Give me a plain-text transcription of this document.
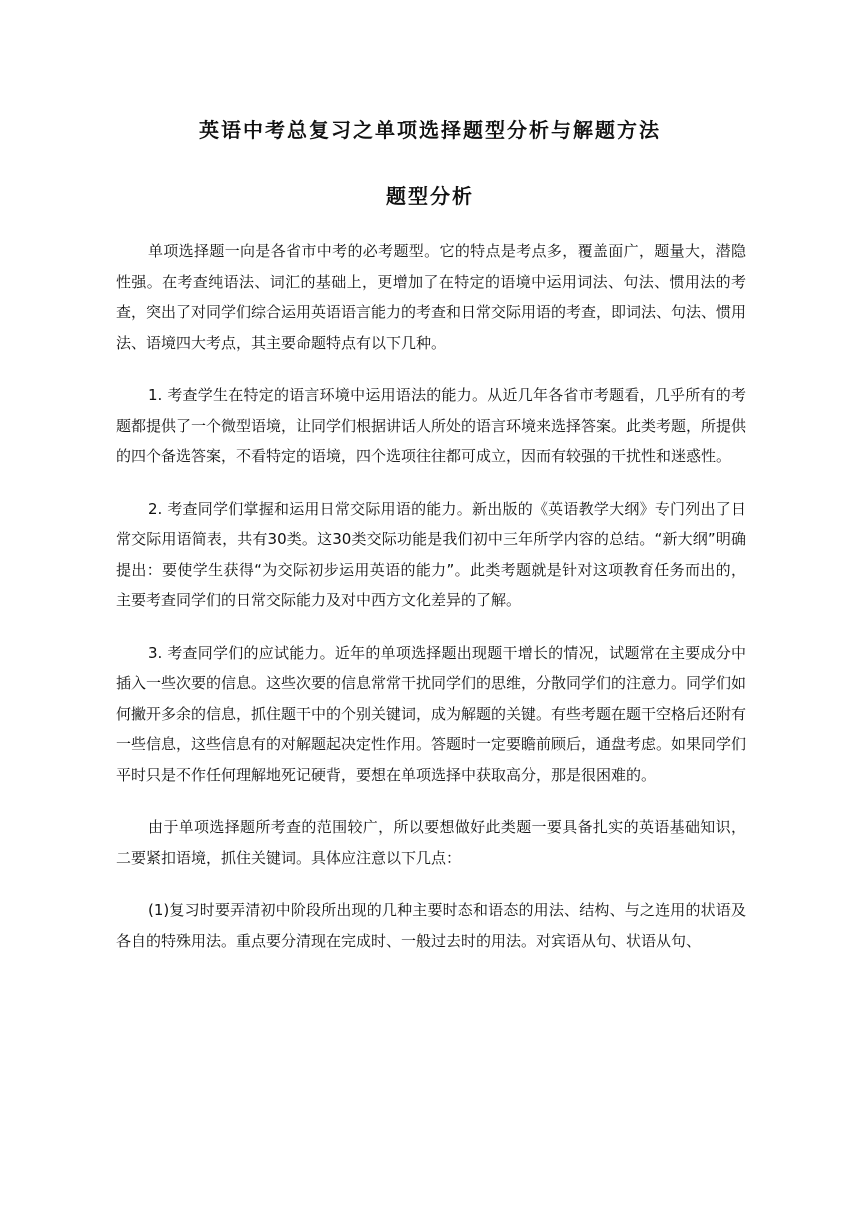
英语中考总复习之单项选择题型分析与解题方法
题型分析

单项选择题一向是各省市中考的必考题型。它的特点是考点多，覆盖面广，题量大，潜隐性强。在考查纯语法、词汇的基础上，更增加了在特定的语境中运用词法、句法、惯用法的考查，突出了对同学们综合运用英语语言能力的考查和日常交际用语的考查，即词法、句法、惯用法、语境四大考点，其主要命题特点有以下几种。

1. 考查学生在特定的语言环境中运用语法的能力。从近几年各省市考题看，几乎所有的考题都提供了一个微型语境，让同学们根据讲话人所处的语言环境来选择答案。此类考题，所提供的四个备选答案，不看特定的语境，四个选项往往都可成立，因而有较强的干扰性和迷惑性。

2. 考查同学们掌握和运用日常交际用语的能力。新出版的《英语教学大纲》专门列出了日常交际用语简表，共有30类。这30类交际功能是我们初中三年所学内容的总结。“新大纲”明确提出：要使学生获得“为交际初步运用英语的能力”。此类考题就是针对这项教育任务而出的，主要考查同学们的日常交际能力及对中西方文化差异的了解。

3. 考查同学们的应试能力。近年的单项选择题出现题干增长的情况，试题常在主要成分中插入一些次要的信息。这些次要的信息常常干扰同学们的思维，分散同学们的注意力。同学们如何撇开多余的信息，抓住题干中的个别关键词，成为解题的关键。有些考题在题干空格后还附有一些信息，这些信息有的对解题起决定性作用。答题时一定要瞻前顾后，通盘考虑。如果同学们平时只是不作任何理解地死记硬背，要想在单项选择中获取高分，那是很困难的。

由于单项选择题所考查的范围较广，所以要想做好此类题一要具备扎实的英语基础知识，二要紧扣语境，抓住关键词。具体应注意以下几点：

(1)复习时要弄清初中阶段所出现的几种主要时态和语态的用法、结构、与之连用的状语及各自的特殊用法。重点要分清现在完成时、一般过去时的用法。对宾语从句、状语从句、
